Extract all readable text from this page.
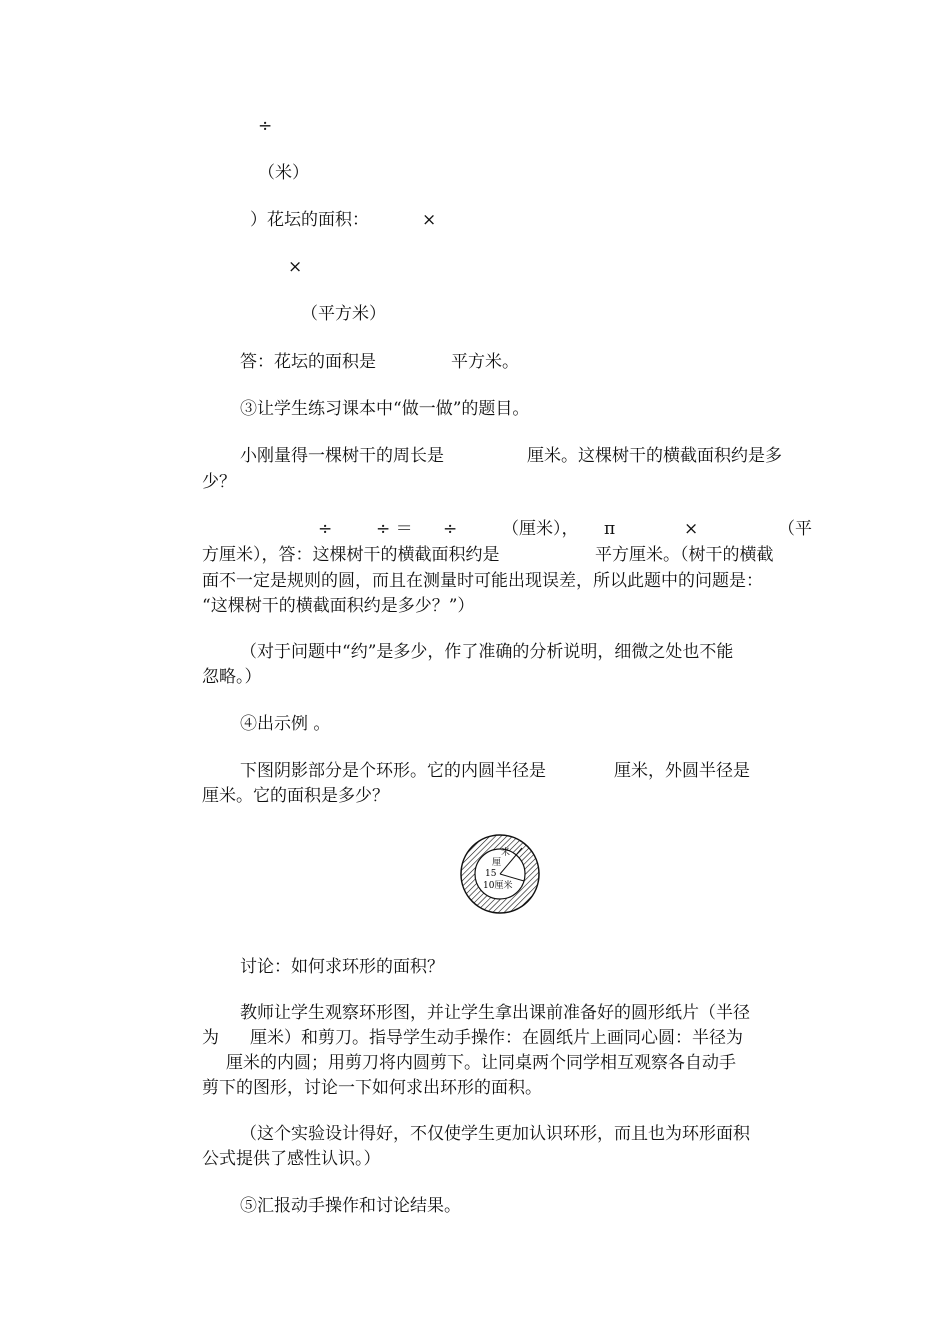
÷
（米）
）花坛的面积：	×
×
（平方米）
答：花坛的面积是	平方米。
③让学生练习课本中“做一做”的题目。
小刚量得一棵树干的周长是	厘米。这棵树干的横截面积约是多
少？
÷	÷ ＝ ÷	（厘米）， π	×	（平
方厘米），答：这棵树干的横截面积约是	平方厘米。（树干的横截
面不一定是规则的圆，而且在测量时可能出现误差，所以此题中的问题是：
“这棵树干的横截面积约是多少？”）
（对于问题中“约”是多少，作了准确的分析说明，细微之处也不能
忽略。）
④出示例 。
下图阴影部分是个环形。它的内圆半径是	厘米，外圆半径是
厘米。它的面积是多少？
米
厘
15
10厘米
讨论：如何求环形的面积？
教师让学生观察环形图，并让学生拿出课前准备好的圆形纸片（半径
为 厘米）和剪刀。指导学生动手操作：在圆纸片上画同心圆：半径为
厘米的内圆；用剪刀将内圆剪下。让同桌两个同学相互观察各自动手
剪下的图形，讨论一下如何求出环形的面积。
（这个实验设计得好，不仅使学生更加认识环形，而且也为环形面积
公式提供了感性认识。）
⑤汇报动手操作和讨论结果。
